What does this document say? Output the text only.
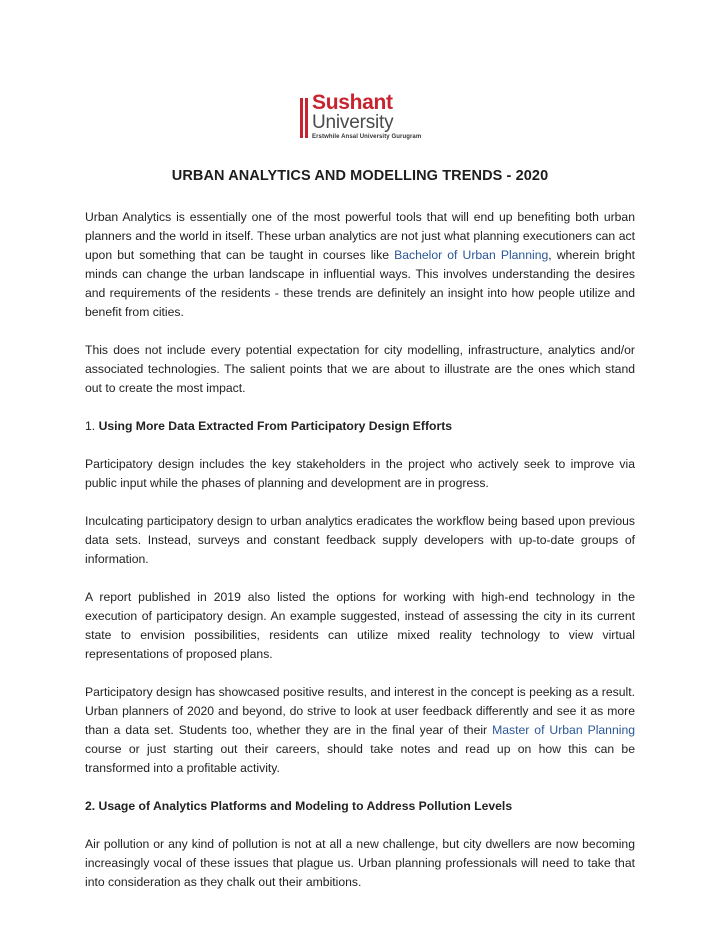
Sushant
University
Erstwhile Ansal University Gurugram
URBAN ANALYTICS AND MODELLING TRENDS - 2020

Urban Analytics is essentially one of the most powerful tools that will end up benefiting both urban planners and the world in itself. These urban analytics are not just what planning executioners can act upon but something that can be taught in courses like Bachelor of Urban Planning, wherein bright minds can change the urban landscape in influential ways. This involves understanding the desires and requirements of the residents - these trends are definitely an insight into how people utilize and benefit from cities.

This does not include every potential expectation for city modelling, infrastructure, analytics and/or associated technologies. The salient points that we are about to illustrate are the ones which stand out to create the most impact.

1. Using More Data Extracted From Participatory Design Efforts

Participatory design includes the key stakeholders in the project who actively seek to improve via public input while the phases of planning and development are in progress.

Inculcating participatory design to urban analytics eradicates the workflow being based upon previous data sets. Instead, surveys and constant feedback supply developers with up-to-date groups of information.

A report published in 2019 also listed the options for working with high-end technology in the execution of participatory design. An example suggested, instead of assessing the city in its current state to envision possibilities, residents can utilize mixed reality technology to view virtual representations of proposed plans.

Participatory design has showcased positive results, and interest in the concept is peeking as a result. Urban planners of 2020 and beyond, do strive to look at user feedback differently and see it as more than a data set. Students too, whether they are in the final year of their Master of Urban Planning course or just starting out their careers, should take notes and read up on how this can be transformed into a profitable activity.

2. Usage of Analytics Platforms and Modeling to Address Pollution Levels

Air pollution or any kind of pollution is not at all a new challenge, but city dwellers are now becoming increasingly vocal of these issues that plague us. Urban planning professionals will need to take that into consideration as they chalk out their ambitions.
